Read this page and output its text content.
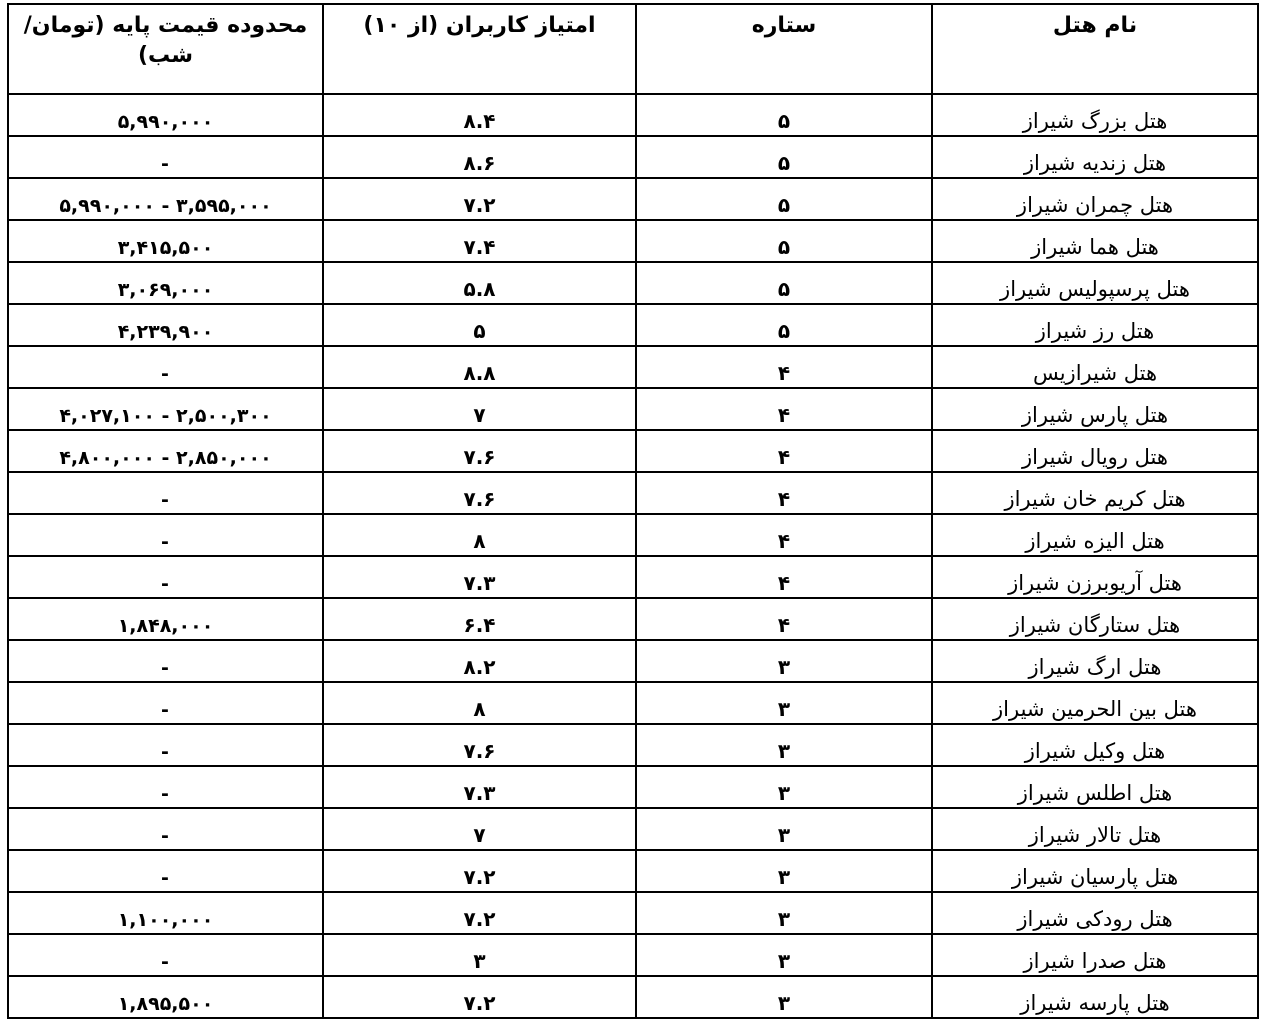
نام هتل	ستاره	امتیاز کاربران (از ۱۰)	محدوده قیمت پایه (تومان/شب)
هتل بزرگ شیراز	۵	۸.۴	۵,۹۹۰,۰۰۰
هتل زندیه شیراز	۵	۸.۶	-
هتل چمران شیراز	۵	۷.۲	۵,۹۹۰,۰۰۰ - ۳,۵۹۵,۰۰۰
هتل هما شیراز	۵	۷.۴	۳,۴۱۵,۵۰۰
هتل پرسپولیس شیراز	۵	۵.۸	۳,۰۶۹,۰۰۰
هتل رز شیراز	۵	۵	۴,۲۳۹,۹۰۰
هتل شیرازیس	۴	۸.۸	-
هتل پارس شیراز	۴	۷	۴,۰۲۷,۱۰۰ - ۲,۵۰۰,۳۰۰
هتل رویال شیراز	۴	۷.۶	۴,۸۰۰,۰۰۰ - ۲,۸۵۰,۰۰۰
هتل کریم خان شیراز	۴	۷.۶	-
هتل الیزه شیراز	۴	۸	-
هتل آریوبرزن شیراز	۴	۷.۳	-
هتل ستارگان شیراز	۴	۶.۴	۱,۸۴۸,۰۰۰
هتل ارگ شیراز	۳	۸.۲	-
هتل بین الحرمین شیراز	۳	۸	-
هتل وکیل شیراز	۳	۷.۶	-
هتل اطلس شیراز	۳	۷.۳	-
هتل تالار شیراز	۳	۷	-
هتل پارسیان شیراز	۳	۷.۲	-
هتل رودکی شیراز	۳	۷.۲	۱,۱۰۰,۰۰۰
هتل صدرا شیراز	۳	۳	-
هتل پارسه شیراز	۳	۷.۲	۱,۸۹۵,۵۰۰
